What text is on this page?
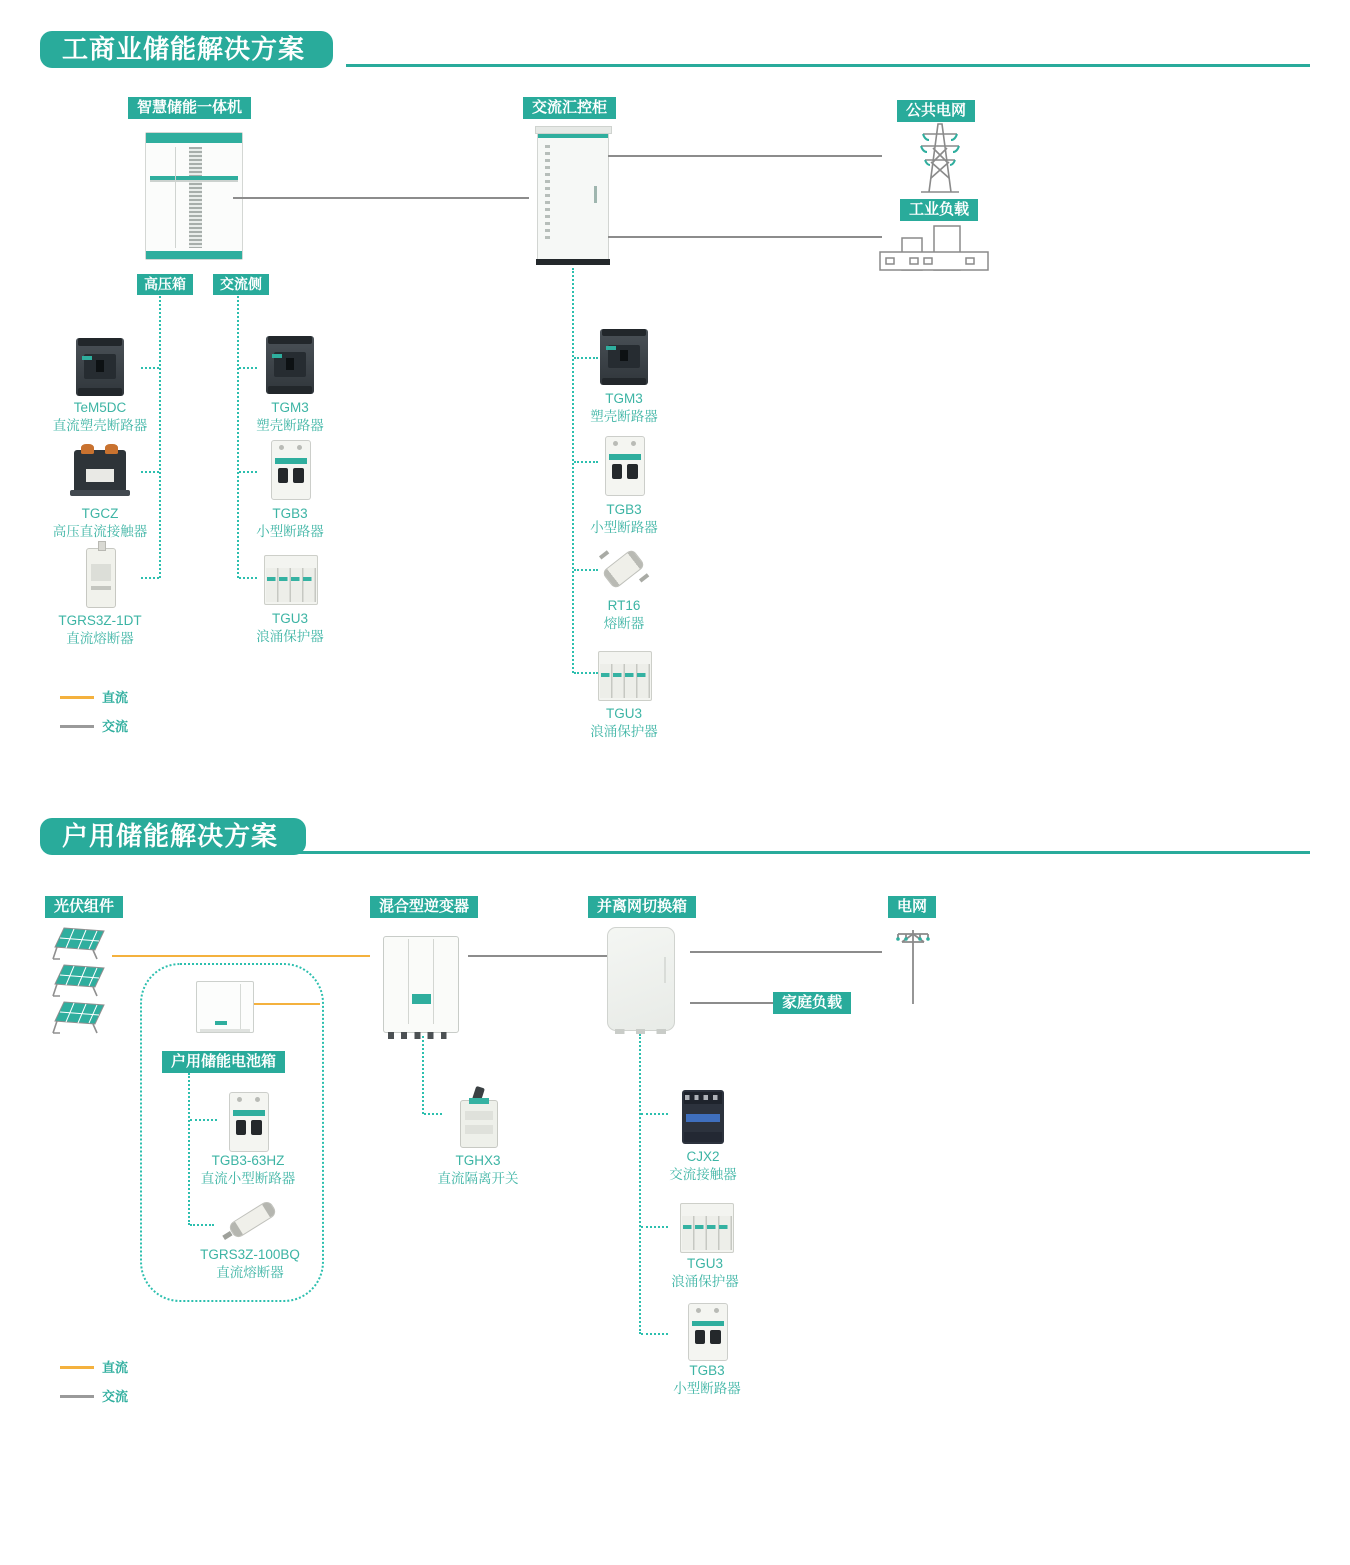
工商业储能解决方案
智慧储能一体机	交流汇控柜	公共电网
工业负载
高压箱	交流侧
TeM5DC
直流塑壳断路器
TGCZ
高压直流接触器
TGRS3Z-1DT
直流熔断器
TGM3
塑壳断路器
TGB3
小型断路器
TGU3
浪涌保护器
TGM3
塑壳断路器
TGB3
小型断路器
RT16
熔断器
TGU3
浪涌保护器
直流
交流
户用储能解决方案
光伏组件	混合型逆变器	并离网切换箱	电网
家庭负载
户用储能电池箱
TGB3-63HZ
直流小型断路器
TGRS3Z-100BQ
直流熔断器
TGHX3
直流隔离开关
CJX2
交流接触器
TGU3
浪涌保护器
TGB3
小型断路器
直流
交流
